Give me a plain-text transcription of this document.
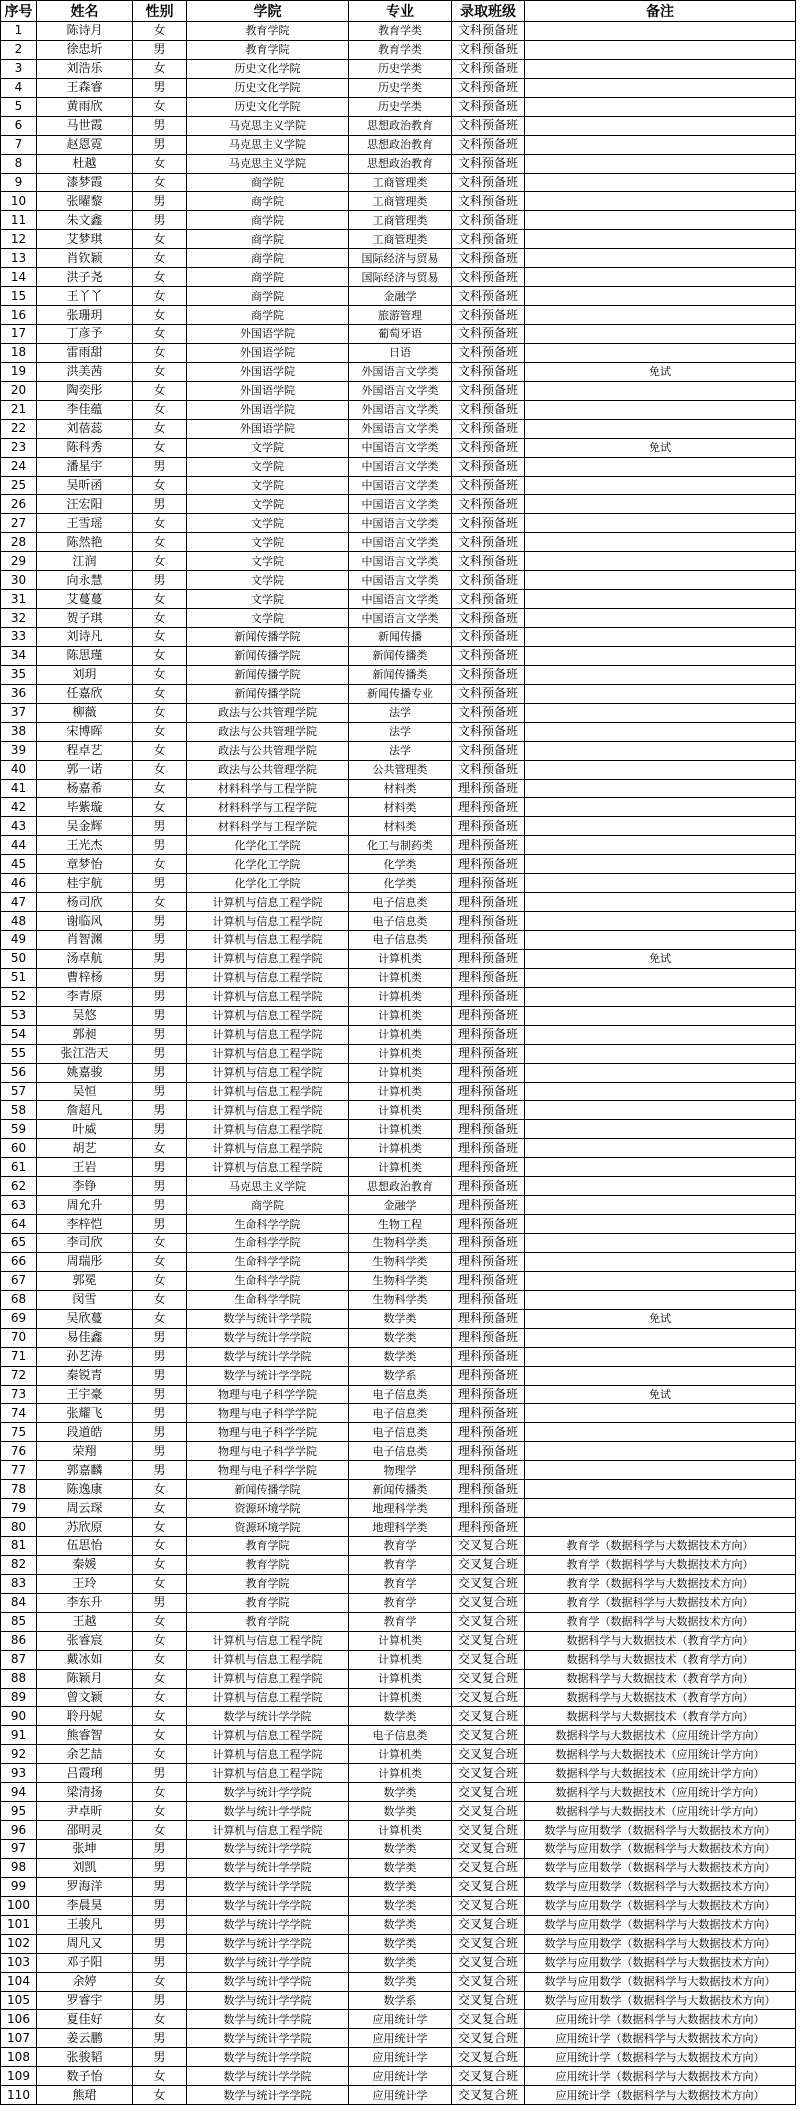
序号	姓名	性别	学院	专业	录取班级	备注
1	陈诗月	女	教育学院	教育学类	文科预备班	
2	徐忠圻	男	教育学院	教育学类	文科预备班	
3	刘浩乐	女	历史文化学院	历史学类	文科预备班	
4	王森睿	男	历史文化学院	历史学类	文科预备班	
5	黄雨欣	女	历史文化学院	历史学类	文科预备班	
6	马世霞	男	马克思主义学院	思想政治教育	文科预备班	
7	赵恩霓	男	马克思主义学院	思想政治教育	文科预备班	
8	杜越	女	马克思主义学院	思想政治教育	文科预备班	
9	漆梦霞	女	商学院	工商管理类	文科预备班	
10	张曜黎	男	商学院	工商管理类	文科预备班	
11	朱文鑫	男	商学院	工商管理类	文科预备班	
12	艾梦琪	女	商学院	工商管理类	文科预备班	
13	肖钦颖	女	商学院	国际经济与贸易	文科预备班	
14	洪子尧	女	商学院	国际经济与贸易	文科预备班	
15	王丫丫	女	商学院	金融学	文科预备班	
16	张珊玥	女	商学院	旅游管理	文科预备班	
17	丁彦予	女	外国语学院	葡萄牙语	文科预备班	
18	雷雨甜	女	外国语学院	日语	文科预备班	
19	洪美茜	女	外国语学院	外国语言文学类	文科预备班	免试
20	陶奕彤	女	外国语学院	外国语言文学类	文科预备班	
21	李佳蕴	女	外国语学院	外国语言文学类	文科预备班	
22	刘蓓蕊	女	外国语学院	外国语言文学类	文科预备班	
23	陈科秀	女	文学院	中国语言文学类	文科预备班	免试
24	潘星宇	男	文学院	中国语言文学类	文科预备班	
25	吴昕函	女	文学院	中国语言文学类	文科预备班	
26	汪宏阳	男	文学院	中国语言文学类	文科预备班	
27	王雪瑶	女	文学院	中国语言文学类	文科预备班	
28	陈然艳	女	文学院	中国语言文学类	文科预备班	
29	江润	女	文学院	中国语言文学类	文科预备班	
30	向永慧	男	文学院	中国语言文学类	文科预备班	
31	艾蔓蔓	女	文学院	中国语言文学类	文科预备班	
32	贺子琪	女	文学院	中国语言文学类	文科预备班	
33	刘诗凡	女	新闻传播学院	新闻传播	文科预备班	
34	陈思瑾	女	新闻传播学院	新闻传播类	文科预备班	
35	刘玥	女	新闻传播学院	新闻传播类	文科预备班	
36	任嘉欣	女	新闻传播学院	新闻传播专业	文科预备班	
37	柳薇	女	政法与公共管理学院	法学	文科预备班	
38	宋博晖	女	政法与公共管理学院	法学	文科预备班	
39	程卓艺	女	政法与公共管理学院	法学	文科预备班	
40	郭一诺	女	政法与公共管理学院	公共管理类	文科预备班	
41	杨嘉希	女	材料科学与工程学院	材料类	理科预备班	
42	毕紫璇	女	材料科学与工程学院	材料类	理科预备班	
43	吴金辉	男	材料科学与工程学院	材料类	理科预备班	
44	王光杰	男	化学化工学院	化工与制药类	理科预备班	
45	章梦怡	女	化学化工学院	化学类	理科预备班	
46	桂宇航	男	化学化工学院	化学类	理科预备班	
47	杨司欣	女	计算机与信息工程学院	电子信息类	理科预备班	
48	谢临风	男	计算机与信息工程学院	电子信息类	理科预备班	
49	肖智渊	男	计算机与信息工程学院	电子信息类	理科预备班	
50	汤卓航	男	计算机与信息工程学院	计算机类	理科预备班	免试
51	曹梓杨	男	计算机与信息工程学院	计算机类	理科预备班	
52	李青原	男	计算机与信息工程学院	计算机类	理科预备班	
53	吴悠	男	计算机与信息工程学院	计算机类	理科预备班	
54	郭昶	男	计算机与信息工程学院	计算机类	理科预备班	
55	张江浩天	男	计算机与信息工程学院	计算机类	理科预备班	
56	姚嘉骏	男	计算机与信息工程学院	计算机类	理科预备班	
57	吴恒	男	计算机与信息工程学院	计算机类	理科预备班	
58	詹超凡	男	计算机与信息工程学院	计算机类	理科预备班	
59	叶威	男	计算机与信息工程学院	计算机类	理科预备班	
60	胡艺	女	计算机与信息工程学院	计算机类	理科预备班	
61	王岩	男	计算机与信息工程学院	计算机类	理科预备班	
62	李铮	男	马克思主义学院	思想政治教育	理科预备班	
63	周允升	男	商学院	金融学	理科预备班	
64	李梓恺	男	生命科学学院	生物工程	理科预备班	
65	李司欣	女	生命科学学院	生物科学类	理科预备班	
66	周瑞彤	女	生命科学学院	生物科学类	理科预备班	
67	郭冕	女	生命科学学院	生物科学类	理科预备班	
68	闵雪	女	生命科学学院	生物科学类	理科预备班	
69	吴欣蔓	女	数学与统计学学院	数学类	理科预备班	免试
70	易佳鑫	男	数学与统计学学院	数学类	理科预备班	
71	孙艺涛	男	数学与统计学学院	数学类	理科预备班	
72	秦锐青	男	数学与统计学学院	数学系	理科预备班	
73	王宇豪	男	物理与电子科学学院	电子信息类	理科预备班	免试
74	张耀飞	男	物理与电子科学学院	电子信息类	理科预备班	
75	段道皓	男	物理与电子科学学院	电子信息类	理科预备班	
76	荣翔	男	物理与电子科学学院	电子信息类	理科预备班	
77	郭嘉麟	男	物理与电子科学学院	物理学	理科预备班	
78	陈逸康	女	新闻传播学院	新闻传播类	理科预备班	
79	周云琛	女	资源环境学院	地理科学类	理科预备班	
80	苏欣原	女	资源环境学院	地理科学类	理科预备班	
81	伍思怡	女	教育学院	教育学	交叉复合班	教育学（数据科学与大数据技术方向）
82	秦媛	女	教育学院	教育学	交叉复合班	教育学（数据科学与大数据技术方向）
83	王玲	女	教育学院	教育学	交叉复合班	教育学（数据科学与大数据技术方向）
84	李东升	男	教育学院	教育学	交叉复合班	教育学（数据科学与大数据技术方向）
85	王越	女	教育学院	教育学	交叉复合班	教育学（数据科学与大数据技术方向）
86	张睿宸	女	计算机与信息工程学院	计算机类	交叉复合班	数据科学与大数据技术（教育学方向）
87	戴冰如	女	计算机与信息工程学院	计算机类	交叉复合班	数据科学与大数据技术（教育学方向）
88	陈颖月	女	计算机与信息工程学院	计算机类	交叉复合班	数据科学与大数据技术（教育学方向）
89	曾文颖	女	计算机与信息工程学院	计算机类	交叉复合班	数据科学与大数据技术（教育学方向）
90	聆丹妮	女	数学与统计学学院	数学类	交叉复合班	数据科学与大数据技术（教育学方向）
91	熊睿智	女	计算机与信息工程学院	电子信息类	交叉复合班	数据科学与大数据技术（应用统计学方向）
92	余艺喆	女	计算机与信息工程学院	计算机类	交叉复合班	数据科学与大数据技术（应用统计学方向）
93	吕霞琍	男	计算机与信息工程学院	计算机类	交叉复合班	数据科学与大数据技术（应用统计学方向）
94	梁清扬	女	数学与统计学学院	数学类	交叉复合班	数据科学与大数据技术（应用统计学方向）
95	尹卓昕	女	数学与统计学学院	数学类	交叉复合班	数据科学与大数据技术（应用统计学方向）
96	邵明灵	女	计算机与信息工程学院	计算机类	交叉复合班	数学与应用数学（数据科学与大数据技术方向）
97	张坤	男	数学与统计学学院	数学类	交叉复合班	数学与应用数学（数据科学与大数据技术方向）
98	刘凯	男	数学与统计学学院	数学类	交叉复合班	数学与应用数学（数据科学与大数据技术方向）
99	罗海洋	男	数学与统计学学院	数学类	交叉复合班	数学与应用数学（数据科学与大数据技术方向）
100	李晨昊	男	数学与统计学学院	数学类	交叉复合班	数学与应用数学（数据科学与大数据技术方向）
101	王骏凡	男	数学与统计学学院	数学类	交叉复合班	数学与应用数学（数据科学与大数据技术方向）
102	周凡又	男	数学与统计学学院	数学类	交叉复合班	数学与应用数学（数据科学与大数据技术方向）
103	邓子阳	男	数学与统计学学院	数学类	交叉复合班	数学与应用数学（数据科学与大数据技术方向）
104	余婷	女	数学与统计学学院	数学类	交叉复合班	数学与应用数学（数据科学与大数据技术方向）
105	罗睿宇	男	数学与统计学学院	数学系	交叉复合班	数学与应用数学（数据科学与大数据技术方向）
106	夏佳好	女	数学与统计学学院	应用统计学	交叉复合班	应用统计学（数据科学与大数据技术方向）
107	姜云鹏	男	数学与统计学学院	应用统计学	交叉复合班	应用统计学（数据科学与大数据技术方向）
108	张骏韬	男	数学与统计学学院	应用统计学	交叉复合班	应用统计学（数据科学与大数据技术方向）
109	数子怡	女	数学与统计学学院	应用统计学	交叉复合班	应用统计学（数据科学与大数据技术方向）
110	熊珺	女	数学与统计学学院	应用统计学	交叉复合班	应用统计学（数据科学与大数据技术方向）
